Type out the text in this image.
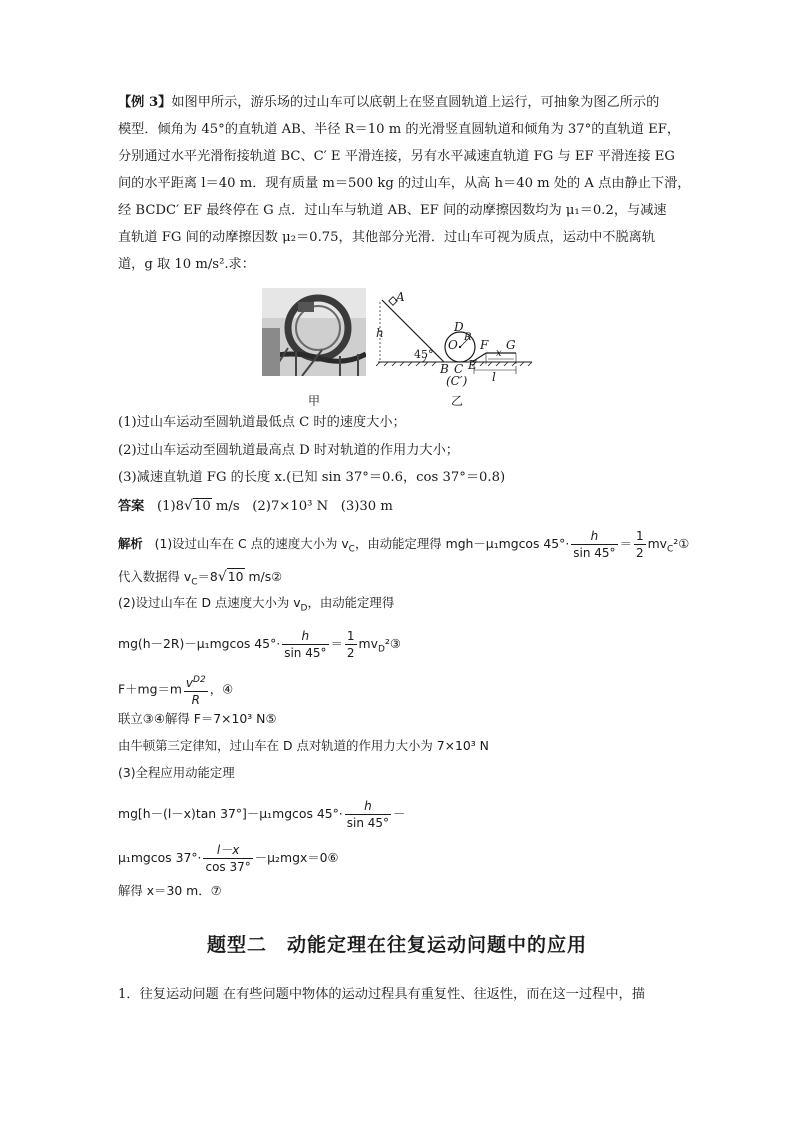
【例 3】如图甲所示，游乐场的过山车可以底朝上在竖直圆轨道上运行，可抽象为图乙所示的
模型．倾角为 45°的直轨道 AB、半径 R＝10 m 的光滑竖直圆轨道和倾角为 37°的直轨道 EF，
分别通过水平光滑衔接轨道 BC、C′ E 平滑连接，另有水平减速直轨道 FG 与 EF 平滑连接 EG
间的水平距离 l＝40 m．现有质量 m＝500 kg 的过山车，从高 h＝40 m 处的 A 点由静止下滑，
经 BCDC′ EF 最终停在 G 点．过山车与轨道 AB、EF 间的动摩擦因数均为 μ₁＝0.2，与减速
直轨道 FG 间的动摩擦因数 μ₂＝0.75，其他部分光滑．过山车可视为质点，运动中不脱离轨
道，g 取 10 m/s².求：
甲
A
h	D
R
O
45°
F G
x
B C E
(C′) l
乙
(1)过山车运动至圆轨道最低点 C 时的速度大小；
(2)过山车运动至圆轨道最高点 D 时对轨道的作用力大小；
(3)减速直轨道 FG 的长度 x.(已知 sin 37°＝0.6，cos 37°＝0.8)
答案 (1)8√10 m/s (2)7×10³ N (3)30 m
解析 (1)设过山车在 C 点的速度大小为 $v_C$，由动能定理得 mgh－μ₁mgcos $45^\circ\cdot \frac{h}{\sin 45^\circ} = \frac{1}{2}$ $mv_C^2①$
代入数据得 $v_C=8√10$ m/s②
(2)设过山车在 D 点速度大小为 $v_D$，由动能定理得
mg(h－2R)－μ₁mgcos $45^\circ\cdot \frac{h}{\sin 45^\circ} = \frac{1}{2}$ $mv_D^2③$
$F+mg=m \frac{v^{D2}}{R}$ ，④
联立③④解得 F＝7×10³ N⑤
由牛顿第三定律知，过山车在 D 点对轨道的作用力大小为 7×10³ N
(3)全程应用动能定理
mg[h－(l－x)tan 37°]－μ₁mgcos $45^\circ\cdot \frac{h}{\sin 45^\circ}$ －
μ₁mgcos $37^\circ\cdot \frac{l-x}{\cos 37^\circ}$ －μ₂mgx＝0⑥
解得 x＝30 m．⑦
题型二　动能定理在往复运动问题中的应用
1．往复运动问题 在有些问题中物体的运动过程具有重复性、往返性，而在这一过程中，描
